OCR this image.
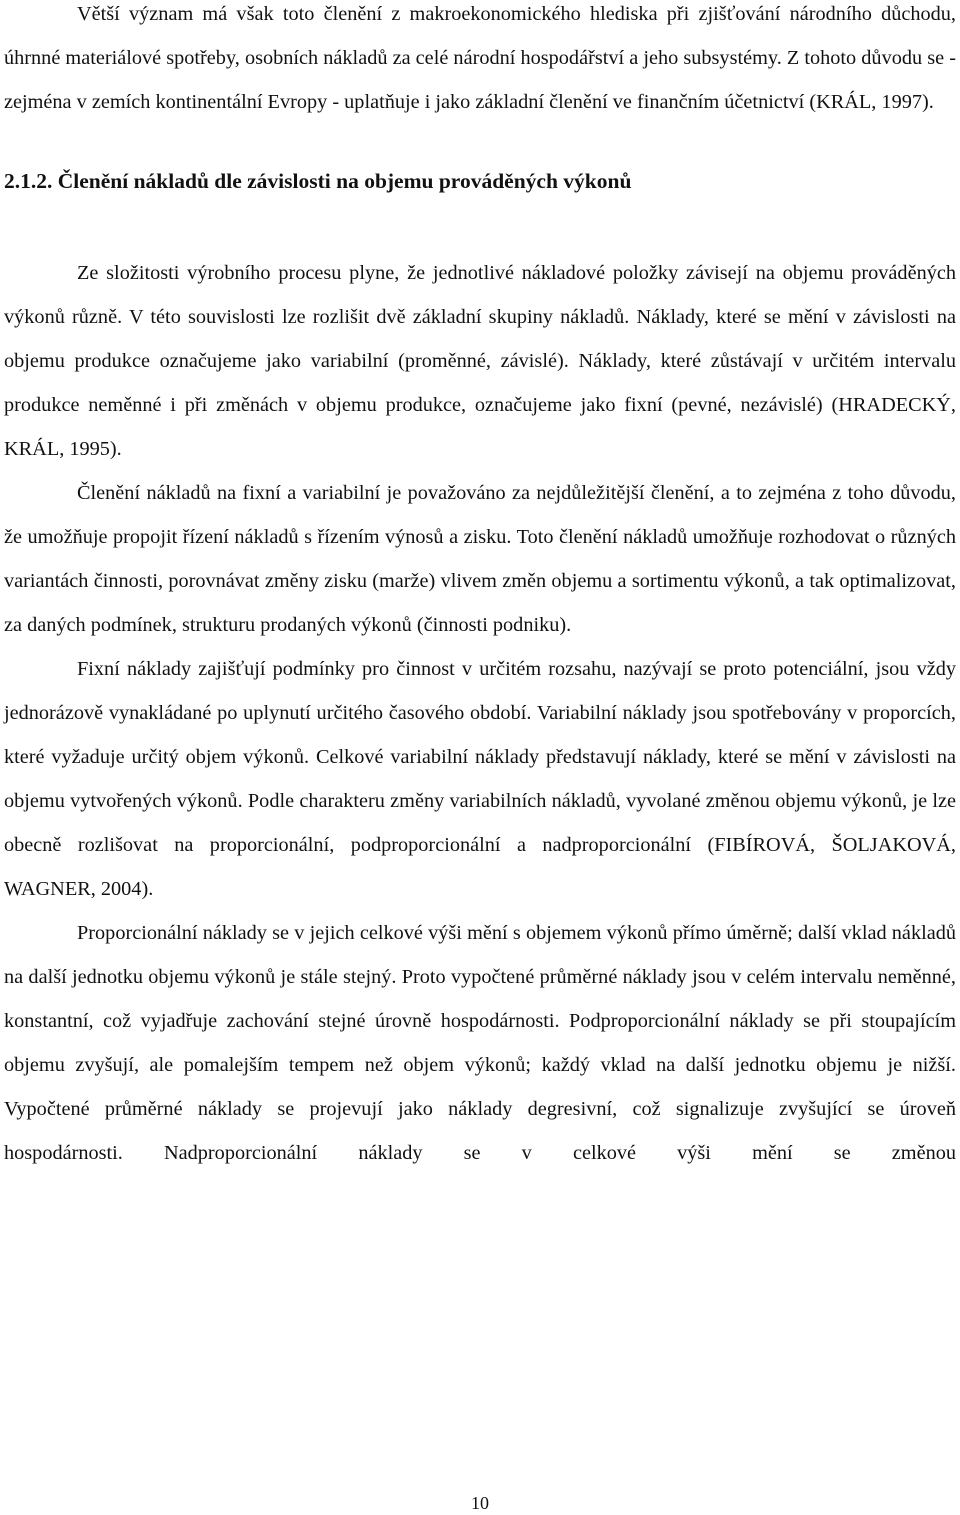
Větší význam má však toto členění z makroekonomického hlediska při zjišťování národního důchodu, úhrnné materiálové spotřeby, osobních nákladů za celé národní hospodářství a jeho subsystémy. Z tohoto důvodu se - zejména v zemích kontinentální Evropy - uplatňuje i jako základní členění ve finančním účetnictví (KRÁL, 1997).

2.1.2. Členění nákladů dle závislosti na objemu prováděných výkonů

Ze složitosti výrobního procesu plyne, že jednotlivé nákladové položky závisejí na objemu prováděných výkonů různě. V této souvislosti lze rozlišit dvě základní skupiny nákladů. Náklady, které se mění v závislosti na objemu produkce označujeme jako variabilní (proměnné, závislé). Náklady, které zůstávají v určitém intervalu produkce neměnné i při změnách v objemu produkce, označujeme jako fixní (pevné, nezávislé) (HRADECKÝ, KRÁL, 1995).

Členění nákladů na fixní a variabilní je považováno za nejdůležitější členění, a to zejména z toho důvodu, že umožňuje propojit řízení nákladů s řízením výnosů a zisku. Toto členění nákladů umožňuje rozhodovat o různých variantách činnosti, porovnávat změny zisku (marže) vlivem změn objemu a sortimentu výkonů, a tak optimalizovat, za daných podmínek, strukturu prodaných výkonů (činnosti podniku).

Fixní náklady zajišťují podmínky pro činnost v určitém rozsahu, nazývají se proto potenciální, jsou vždy jednorázově vynakládané po uplynutí určitého časového období. Variabilní náklady jsou spotřebovány v proporcích, které vyžaduje určitý objem výkonů. Celkové variabilní náklady představují náklady, které se mění v závislosti na objemu vytvořených výkonů. Podle charakteru změny variabilních nákladů, vyvolané změnou objemu výkonů, je lze obecně rozlišovat na proporcionální, podproporcionální a nadproporcionální (FIBÍROVÁ, ŠOLJAKOVÁ, WAGNER, 2004).

Proporcionální náklady se v jejich celkové výši mění s objemem výkonů přímo úměrně; další vklad nákladů na další jednotku objemu výkonů je stále stejný. Proto vypočtené průměrné náklady jsou v celém intervalu neměnné, konstantní, což vyjadřuje zachování stejné úrovně hospodárnosti. Podproporcionální náklady se při stoupajícím objemu zvyšují, ale pomalejším tempem než objem výkonů; každý vklad na další jednotku objemu je nižší. Vypočtené průměrné náklady se projevují jako náklady degresivní, což signalizuje zvyšující se úroveň hospodárnosti. Nadproporcionální náklady se v celkové výši mění se změnou

10
